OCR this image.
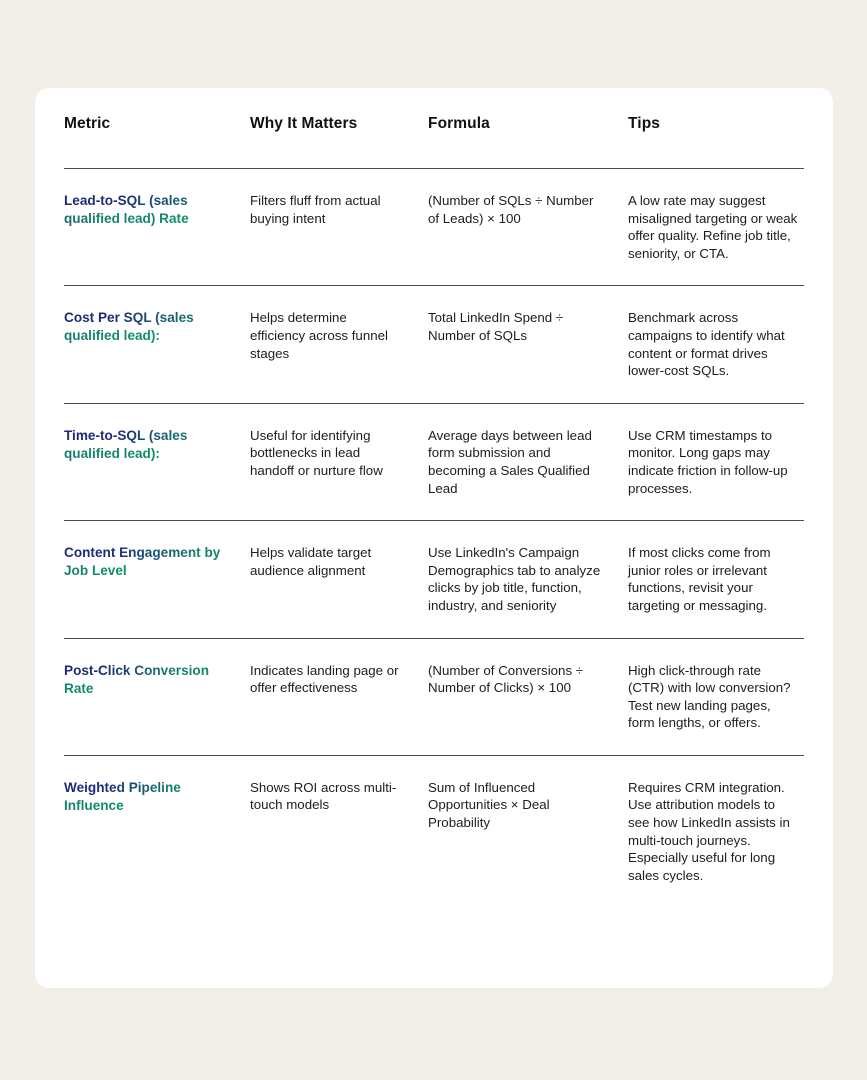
Metric	Why It Matters	Formula	Tips
Lead-to-SQL (sales qualified lead) Rate	Filters fluff from actual buying intent	(Number of SQLs ÷ Number of Leads) × 100	A low rate may suggest misaligned targeting or weak offer quality. Refine job title, seniority, or CTA.
Cost Per SQL (sales qualified lead):	Helps determine efficiency across funnel stages	Total LinkedIn Spend ÷ Number of SQLs	Benchmark across campaigns to identify what content or format drives lower-cost SQLs.
Time-to-SQL (sales qualified lead):	Useful for identifying bottlenecks in lead handoff or nurture flow	Average days between lead form submission and becoming a Sales Qualified Lead	Use CRM timestamps to monitor. Long gaps may indicate friction in follow-up processes.
Content Engagement by Job Level	Helps validate target audience alignment	Use LinkedIn's Campaign Demographics tab to analyze clicks by job title, function, industry, and seniority	If most clicks come from junior roles or irrelevant functions, revisit your targeting or messaging.
Post-Click Conversion Rate	Indicates landing page or offer effectiveness	(Number of Conversions ÷ Number of Clicks) × 100	High click-through rate (CTR) with low conversion? Test new landing pages, form lengths, or offers.
Weighted Pipeline Influence	Shows ROI across multi-touch models	Sum of Influenced Opportunities × Deal Probability	Requires CRM integration. Use attribution models to see how LinkedIn assists in multi-touch journeys. Especially useful for long sales cycles.
